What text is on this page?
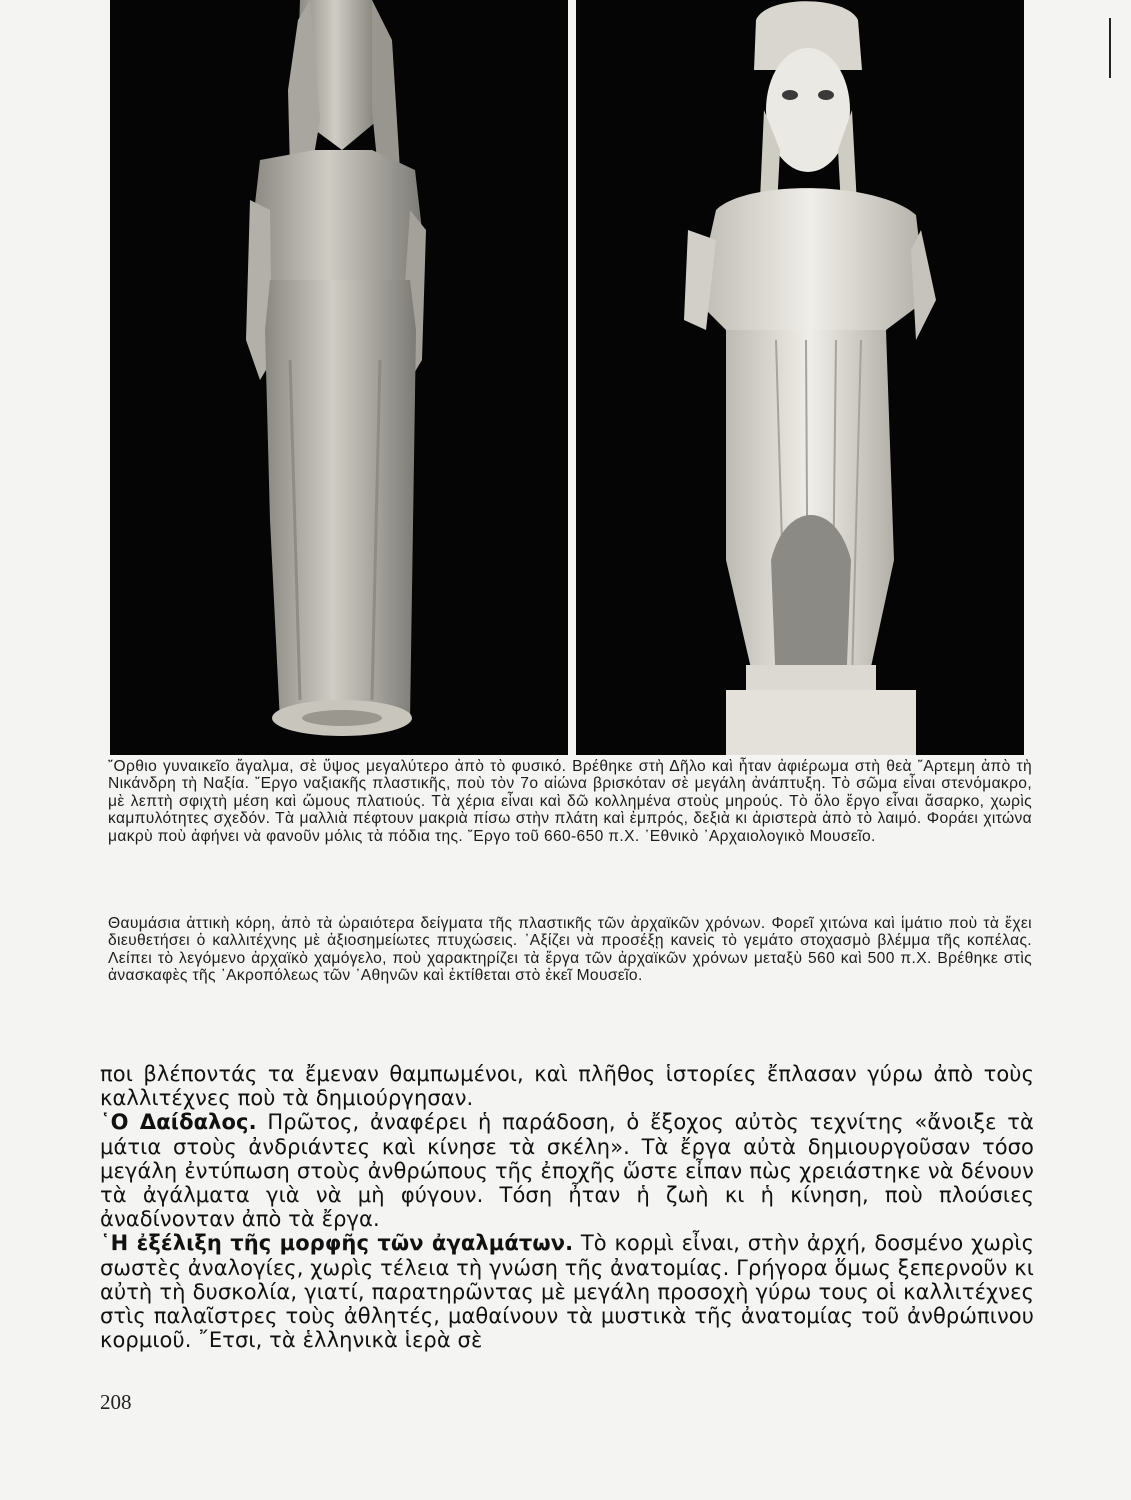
῎Ορθιο γυναικεῖο ἄγαλμα, σὲ ὕψος μεγαλύτερο ἀπὸ τὸ φυσικό. Βρέθηκε στὴ Δῆλο καὶ ἦταν ἀφιέρωμα στὴ θεὰ ῎Αρτεμη ἀπὸ τὴ Νικάνδρη τὴ Ναξία. ῎Εργο ναξιακῆς πλαστικῆς, ποὺ τὸν 7ο αἰώνα βρισκόταν σὲ μεγάλη ἀνάπτυξη. Τὸ σῶμα εἶναι στενόμακρο, μὲ λεπτὴ σφιχτὴ μέση καὶ ὤμους πλατιούς. Τὰ χέρια εἶναι καὶ δῶ κολλημένα στοὺς μηρούς. Τὸ ὅλο ἔργο εἶναι ἄσαρκο, χωρὶς καμπυλότητες σχεδόν. Τὰ μαλλιὰ πέφτουν μακριὰ πίσω στὴν πλάτη καὶ ἐμπρός, δεξιὰ κι ἀριστερὰ ἀπὸ τὸ λαιμό. Φοράει χιτώνα μακρὺ ποὺ ἀφήνει νὰ φανοῦν μόλις τὰ πόδια της. ῎Εργο τοῦ 660-650 π.Χ. ᾽Εθνικὸ ᾽Αρχαιολογικὸ Μουσεῖο.

Θαυμάσια ἀττικὴ κόρη, ἀπὸ τὰ ὡραιότερα δείγματα τῆς πλαστικῆς τῶν ἀρχαϊκῶν χρόνων. Φορεῖ χιτώνα καὶ ἱμάτιο ποὺ τὰ ἔχει διευθετήσει ὁ καλλιτέχνης μὲ ἀξιοσημείωτες πτυχώσεις. ᾽Αξίζει νὰ προσέξῃ κανεὶς τὸ γεμάτο στοχασμὸ βλέμμα τῆς κοπέλας. Λείπει τὸ λεγόμενο ἀρχαϊκὸ χαμόγελο, ποὺ χαρακτηρίζει τὰ ἔργα τῶν ἀρχαϊκῶν χρόνων μεταξὺ 560 καὶ 500 π.Χ. Βρέθηκε στὶς ἀνασκαφὲς τῆς ᾽Ακροπόλεως τῶν ᾽Αθηνῶν καὶ ἐκτίθεται στὸ ἐκεῖ Μουσεῖο.

ποι βλέποντάς τα ἔμεναν θαμπωμένοι, καὶ πλῆθος ἱστορίες ἔπλασαν γύρω ἀπὸ τοὺς καλλιτέχνες ποὺ τὰ δημιούργησαν.

῾Ο Δαίδαλος. Πρῶτος, ἀναφέρει ἡ παράδοση, ὁ ἔξοχος αὐτὸς τεχνίτης «ἄνοιξε τὰ μάτια στοὺς ἀνδριάντες καὶ κίνησε τὰ σκέλη». Τὰ ἔργα αὐτὰ δημιουργοῦσαν τόσο μεγάλη ἐντύπωση στοὺς ἀνθρώπους τῆς ἐποχῆς ὥστε εἶπαν πὼς χρειάστηκε νὰ δένουν τὰ ἀγάλματα γιὰ νὰ μὴ φύγουν. Τόση ἦταν ἡ ζωὴ κι ἡ κίνηση, ποὺ πλούσιες ἀναδίνονταν ἀπὸ τὰ ἔργα.

῾Η ἐξέλιξη τῆς μορφῆς τῶν ἀγαλμάτων. Τὸ κορμὶ εἶναι, στὴν ἀρχή, δοσμένο χωρὶς σωστὲς ἀναλογίες, χωρὶς τέλεια τὴ γνώση τῆς ἀνατομίας. Γρήγορα ὅμως ξεπερνοῦν κι αὐτὴ τὴ δυσκολία, γιατί, παρατηρῶντας μὲ μεγάλη προσοχὴ γύρω τους οἱ καλλιτέχνες στὶς παλαῖστρες τοὺς ἀθλητές, μαθαίνουν τὰ μυστικὰ τῆς ἀνατομίας τοῦ ἀνθρώπινου κορμιοῦ. ῎Ετσι, τὰ ἑλληνικὰ ἱερὰ σὲ

208
